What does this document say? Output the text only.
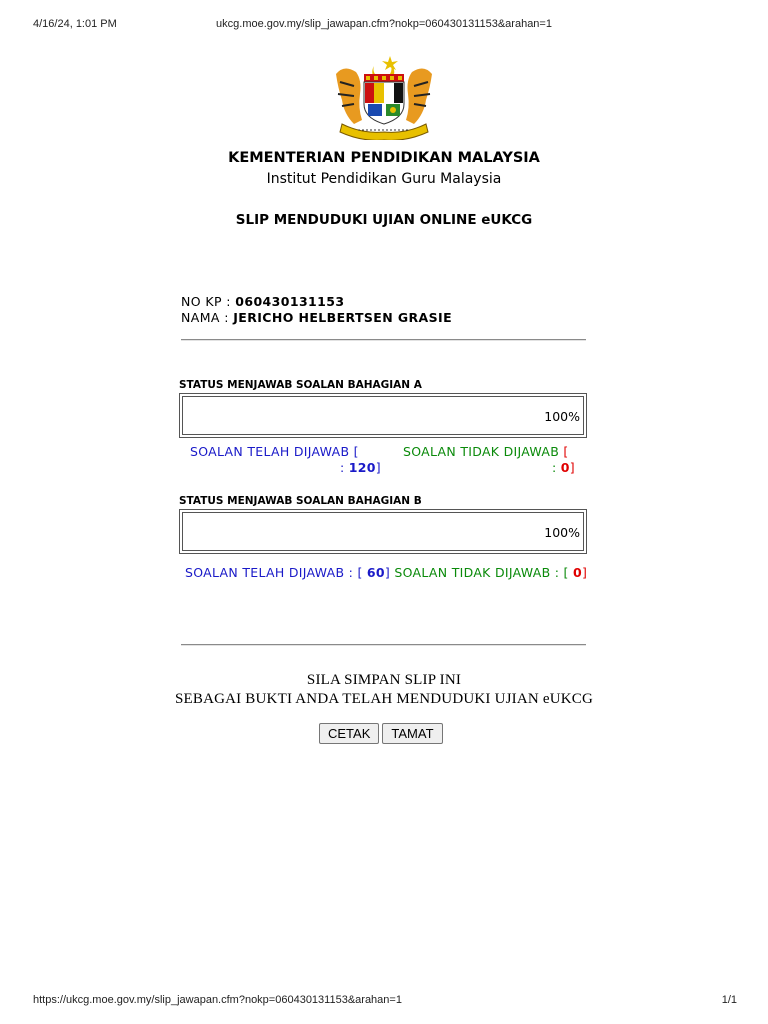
4/16/24, 1:01 PM	ukcg.moe.gov.my/slip_jawapan.cfm?nokp=060430131153&arahan=1
KEMENTERIAN PENDIDIKAN MALAYSIA
Institut Pendidikan Guru Malaysia
SLIP MENDUDUKI UJIAN ONLINE eUKCG
NO KP : 060430131153
NAMA : JERICHO HELBERTSEN GRASIE
STATUS MENJAWAB SOALAN BAHAGIAN A
100%
SOALAN TELAH DIJAWAB [
: 120]
SOALAN TIDAK DIJAWAB [
: 0]
STATUS MENJAWAB SOALAN BAHAGIAN B
100%
SOALAN TELAH DIJAWAB : [ 60] SOALAN TIDAK DIJAWAB : [ 0]
SILA SIMPAN SLIP INI
SEBAGAI BUKTI ANDA TELAH MENDUDUKI UJIAN eUKCG
CETAK TAMAT
https://ukcg.moe.gov.my/slip_jawapan.cfm?nokp=060430131153&arahan=1	1/1
